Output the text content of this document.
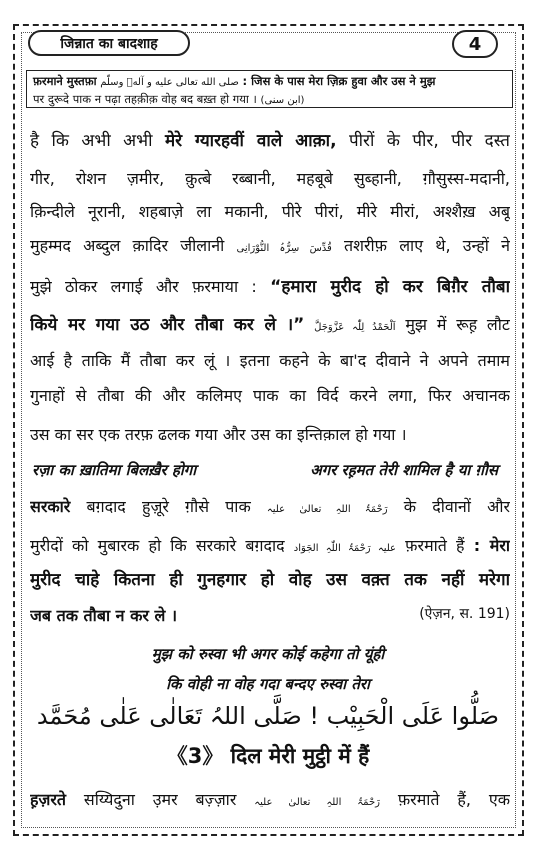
जिन्नात का बादशाह	4
फ़रमाने मुस्तफ़ा صلى الله تعالى عليه و آلهٖ وسلّم : जिस के पास मेरा ज़िक्र हुवा और उस ने मुझ
पर दुरूदे पाक न पढ़ा तहक़ीक़ वोह बद बख़्त हो गया । (ابن سنی)
है कि अभी अभी मेरे ग्यारहवीं वाले आक़ा, पीरों के पीर, पीर दस्त
गीर, रोशन ज़मीर, क़ुत्बे रब्बानी, महबूबे सुब्हानी, ग़ौसुस्स-मदानी,
क़िन्दीले नूरानी, शहबाज़े ला मकानी, पीरे पीरां, मीरे मीरां, अश्शैख़ अबू
मुहम्मद अब्दुल क़ादिर जीलानी قُدِّسَ سِرُّہُ النُّوْرَانِی तशरीफ़ लाए थे, उन्हों ने
मुझे ठोकर लगाई और फ़रमाया : “हमारा मुरीद हो कर बिग़ैर तौबा
किये मर गया उठ और तौबा कर ले ।” اَلْحَمْدُ لِلّٰہ عَزَّوَجَلَّ मुझ में रूह़ लौट
आई है ताकि मैं तौबा कर लूं । इतना कहने के बा'द दीवाने ने अपने तमाम
गुनाहों से तौबा की और कलिमए पाक का विर्द करने लगा, फिर अचानक
उस का सर एक तरफ़ ढलक गया और उस का इन्तिक़ाल हो गया ।
रज़ा का ख़ातिमा बिलख़ैर होगा	अगर रह़मत तेरी शामिल है या ग़ौस
सरकारे बग़दाद हुज़ूरे ग़ौसे पाक رَحْمَۃُ اللہِ تعالیٰ علیہ के दीवानों और
मुरीदों को मुबारक हो कि सरकारे बग़दाद علیہ رَحْمَۃُ اللّٰہِ الجَوَاد फ़रमाते हैं : मेरा
मुरीद चाहे कितना ही गुनहगार हो वोह उस वक़्त तक नहीं मरेगा
जब तक तौबा न कर ले ।	(ऐज़न, स. 191)
मुझ को रुस्वा भी अगर कोई कहेगा तो यूंही
कि वोही ना वोह गदा बन्दए रुस्वा तेरा
صَلُّوا عَلَی الْحَبِیْب ! صَلَّی اللہُ تَعَالٰی عَلٰی مُحَمَّد
《3》 दिल मेरी मुट्ठी में हैं
ह़ज़रते सय्यिदुना उ़मर बज़्ज़ार رَحْمَۃُ اللہِ تعالیٰ علیہ फ़रमाते हैं, एक
